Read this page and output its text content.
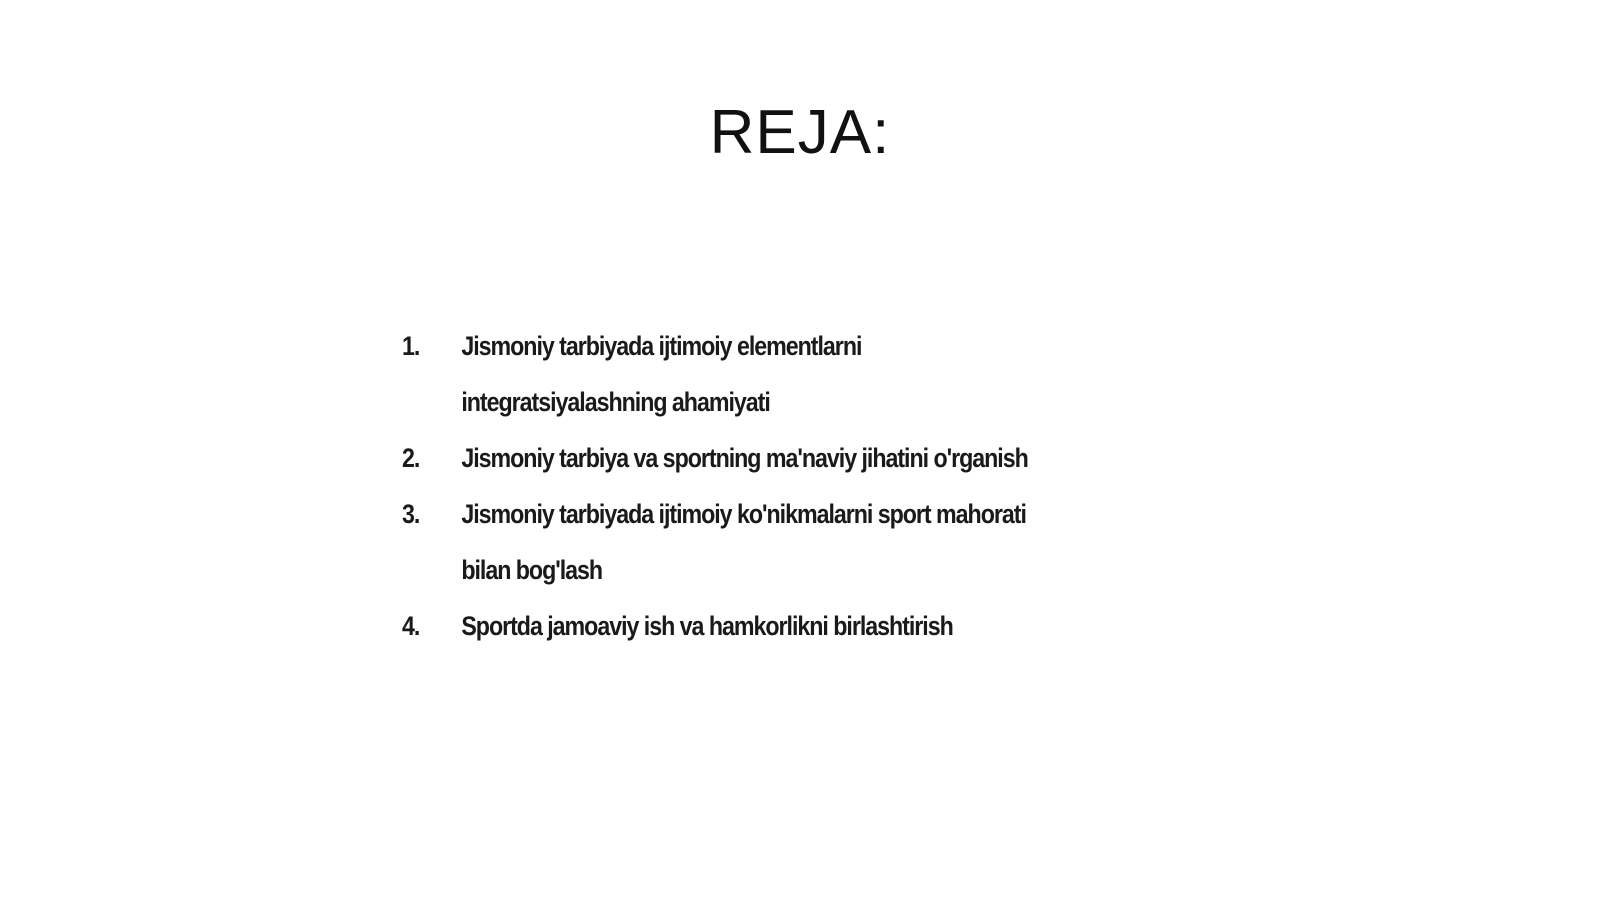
REJA:
1.	Jismoniy tarbiyada ijtimoiy elementlarni
integratsiyalashning ahamiyati
2.	Jismoniy tarbiya va sportning ma'naviy jihatini o'rganish
3.	Jismoniy tarbiyada ijtimoiy ko'nikmalarni sport mahorati
bilan bog'lash
4.	Sportda jamoaviy ish va hamkorlikni birlashtirish
